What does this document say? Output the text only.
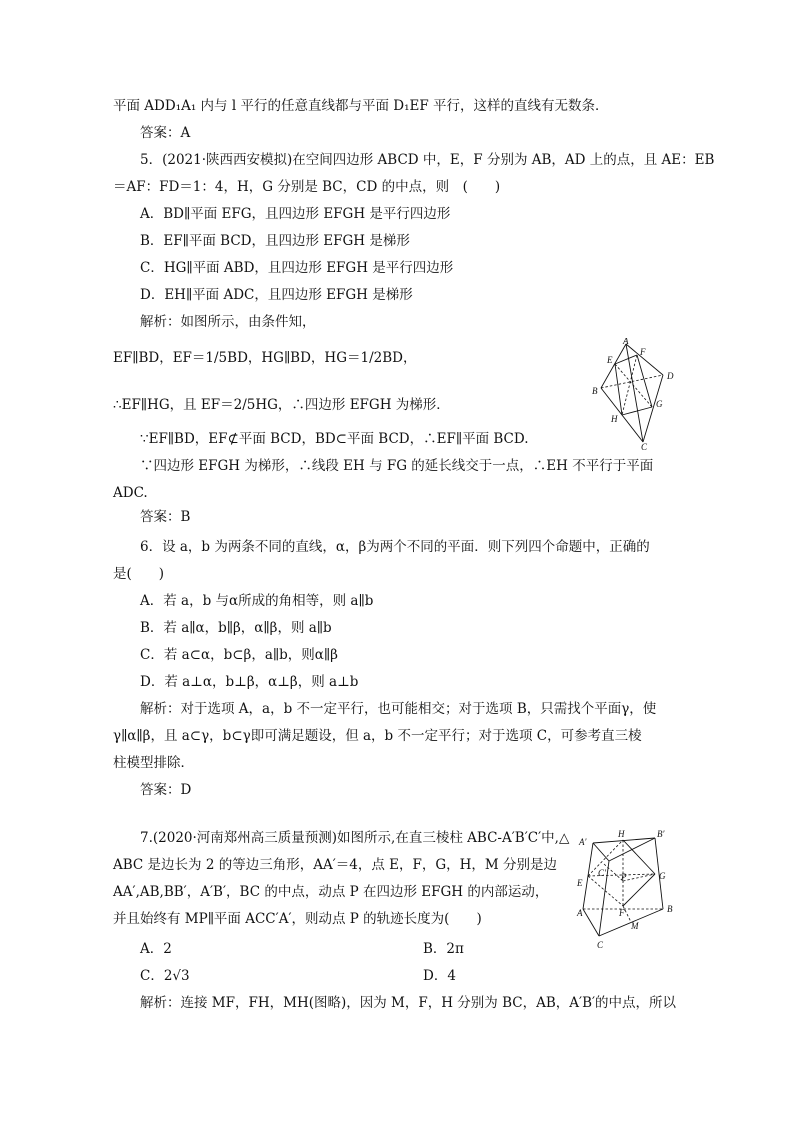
平面 ADD₁A₁ 内与 l 平行的任意直线都与平面 D₁EF 平行，这样的直线有无数条．
答案：A
5．(2021·陕西西安模拟)在空间四边形 ABCD 中，E，F 分别为 AB，AD 上的点，且 AE：EB
＝AF：FD＝1：4，H，G 分别是 BC，CD 的中点，则　(　　)
A．BD∥平面 EFG，且四边形 EFGH 是平行四边形
B．EF∥平面 BCD，且四边形 EFGH 是梯形
C．HG∥平面 ABD，且四边形 EFGH 是平行四边形
D．EH∥平面 ADC，且四边形 EFGH 是梯形
解析：如图所示，由条件知，
EF∥BD，EF＝1/5BD，HG∥BD，HG＝1/2BD，
∴EF∥HG，且 EF＝2/5HG，∴四边形 EFGH 为梯形．
∵EF∥BD，EF⊄平面 BCD，BD⊂平面 BCD，∴EF∥平面 BCD.
∵四边形 EFGH 为梯形，∴线段 EH 与 FG 的延长线交于一点，∴EH 不平行于平面
ADC.
答案：B
6．设 a，b 为两条不同的直线，α，β为两个不同的平面．则下列四个命题中，正确的
是(　　)
A．若 a，b 与α所成的角相等，则 a∥b
B．若 a∥α，b∥β，α∥β，则 a∥b
C．若 a⊂α，b⊂β，a∥b，则α∥β
D．若 a⊥α，b⊥β，α⊥β，则 a⊥b
解析：对于选项 A，a，b 不一定平行，也可能相交；对于选项 B，只需找个平面γ，使
γ∥α∥β，且 a⊂γ，b⊂γ即可满足题设，但 a，b 不一定平行；对于选项 C，可参考直三棱
柱模型排除．
答案：D
7.(2020·河南郑州高三质量预测)如图所示,在直三棱柱 ABC-A′B′C′中,△
ABC 是边长为 2 的等边三角形，AA′＝4，点 E，F，G，H，M 分别是边
AA′,AB,BB′，A′B′，BC 的中点，动点 P 在四边形 EFGH 的内部运动，
并且始终有 MP∥平面 ACC′A′，则动点 P 的轨迹长度为(　　)
A．2	B．2π
C．2√3	D．4
解析：连接 MF，FH，MH(图略)，因为 M，F，H 分别为 BC，AB，A′B′的中点，所以
A
F
E
D
B
G
H
C
A′
H	B′
C′ P
E
G
F
A	B
M
C
